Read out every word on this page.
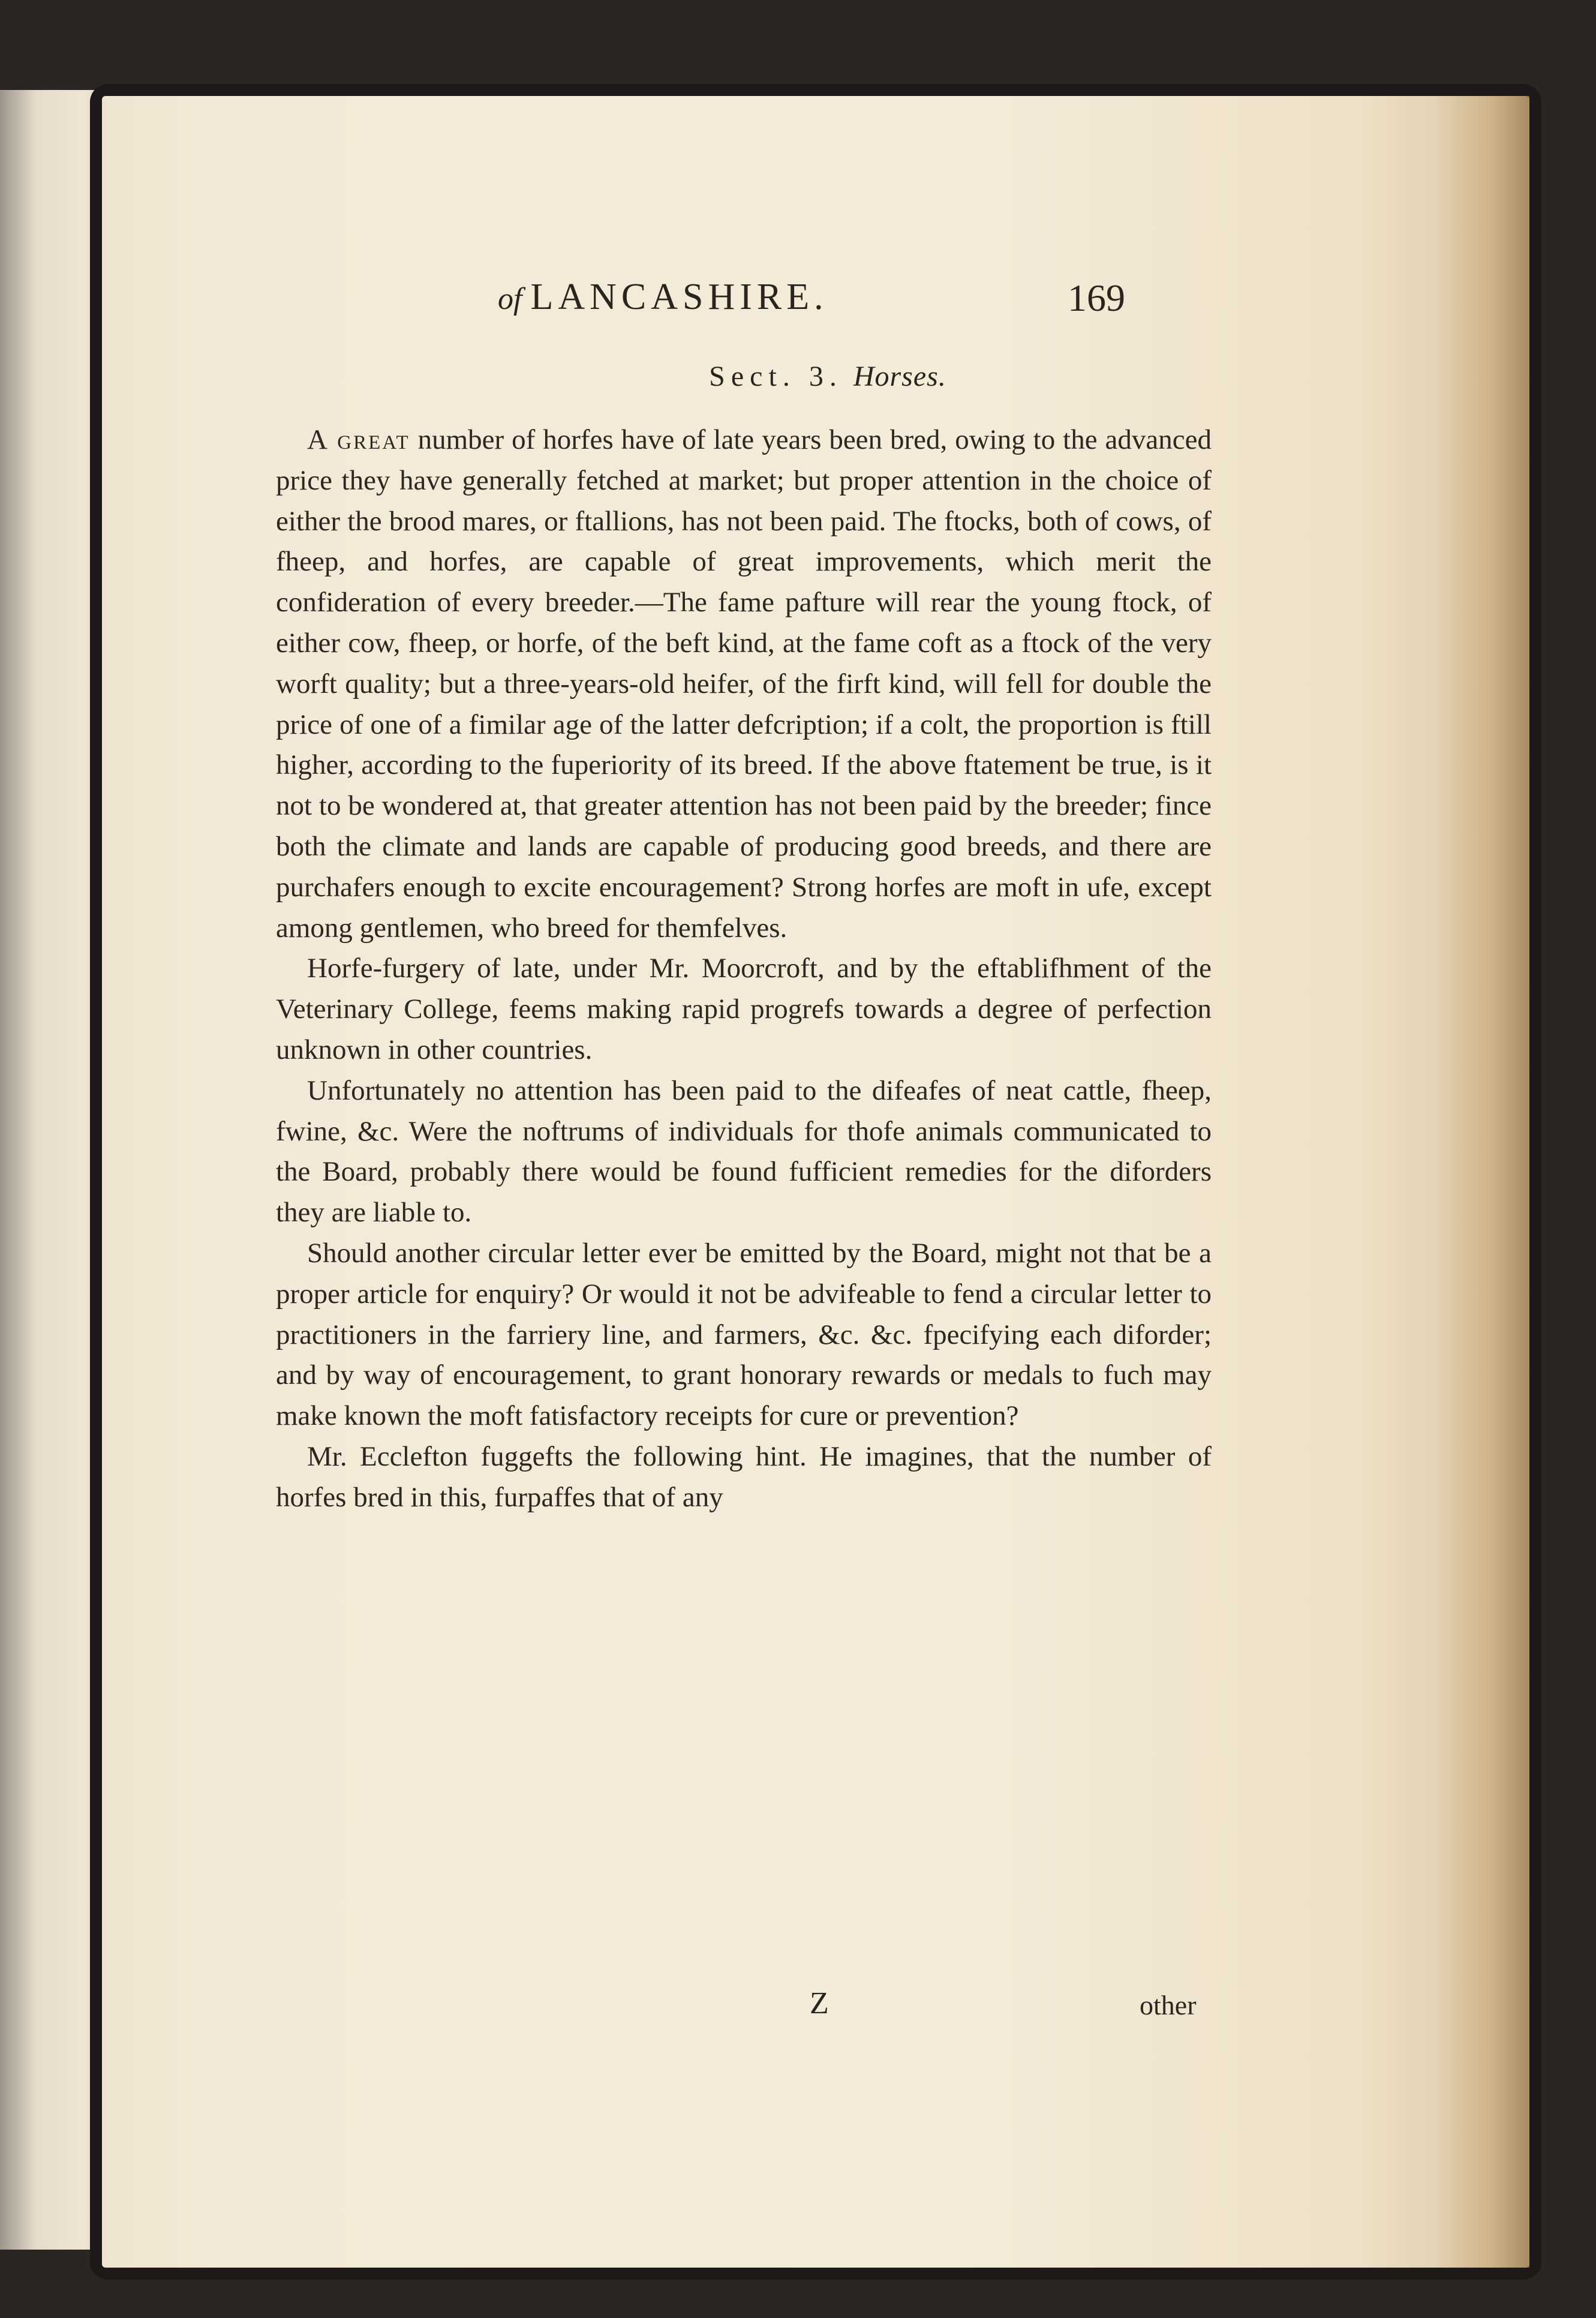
of LANCASHIRE.	169
Sect. 3. Horses.

A great number of horfes have of late years been bred, owing to the advanced price they have generally fetched at market; but proper attention in the choice of either the brood mares, or ftallions, has not been paid. The ftocks, both of cows, of fheep, and horfes, are capable of great improvements, which merit the confideration of every breeder.—The fame pafture will rear the young ftock, of either cow, fheep, or horfe, of the beft kind, at the fame coft as a ftock of the very worft quality; but a three-years-old heifer, of the firft kind, will fell for double the price of one of a fimilar age of the latter defcription; if a colt, the proportion is ftill higher, according to the fuperiority of its breed. If the above ftatement be true, is it not to be wondered at, that greater attention has not been paid by the breeder; fince both the climate and lands are capable of producing good breeds, and there are purchafers enough to excite encouragement? Strong horfes are moft in ufe, except among gentlemen, who breed for themfelves.

Horfe-furgery of late, under Mr. Moorcroft, and by the eftablifhment of the Veterinary College, feems making rapid progrefs towards a degree of perfection unknown in other countries.

Unfortunately no attention has been paid to the difeafes of neat cattle, fheep, fwine, &c. Were the noftrums of individuals for thofe animals communicated to the Board, probably there would be found fufficient remedies for the diforders they are liable to.

Should another circular letter ever be emitted by the Board, might not that be a proper article for enquiry? Or would it not be advifeable to fend a circular letter to practitioners in the farriery line, and farmers, &c. &c. fpecifying each diforder; and by way of encouragement, to grant honorary rewards or medals to fuch may make known the moft fatisfactory receipts for cure or prevention?

Mr. Ecclefton fuggefts the following hint. He imagines, that the number of horfes bred in this, furpaffes that of any

Z	other
